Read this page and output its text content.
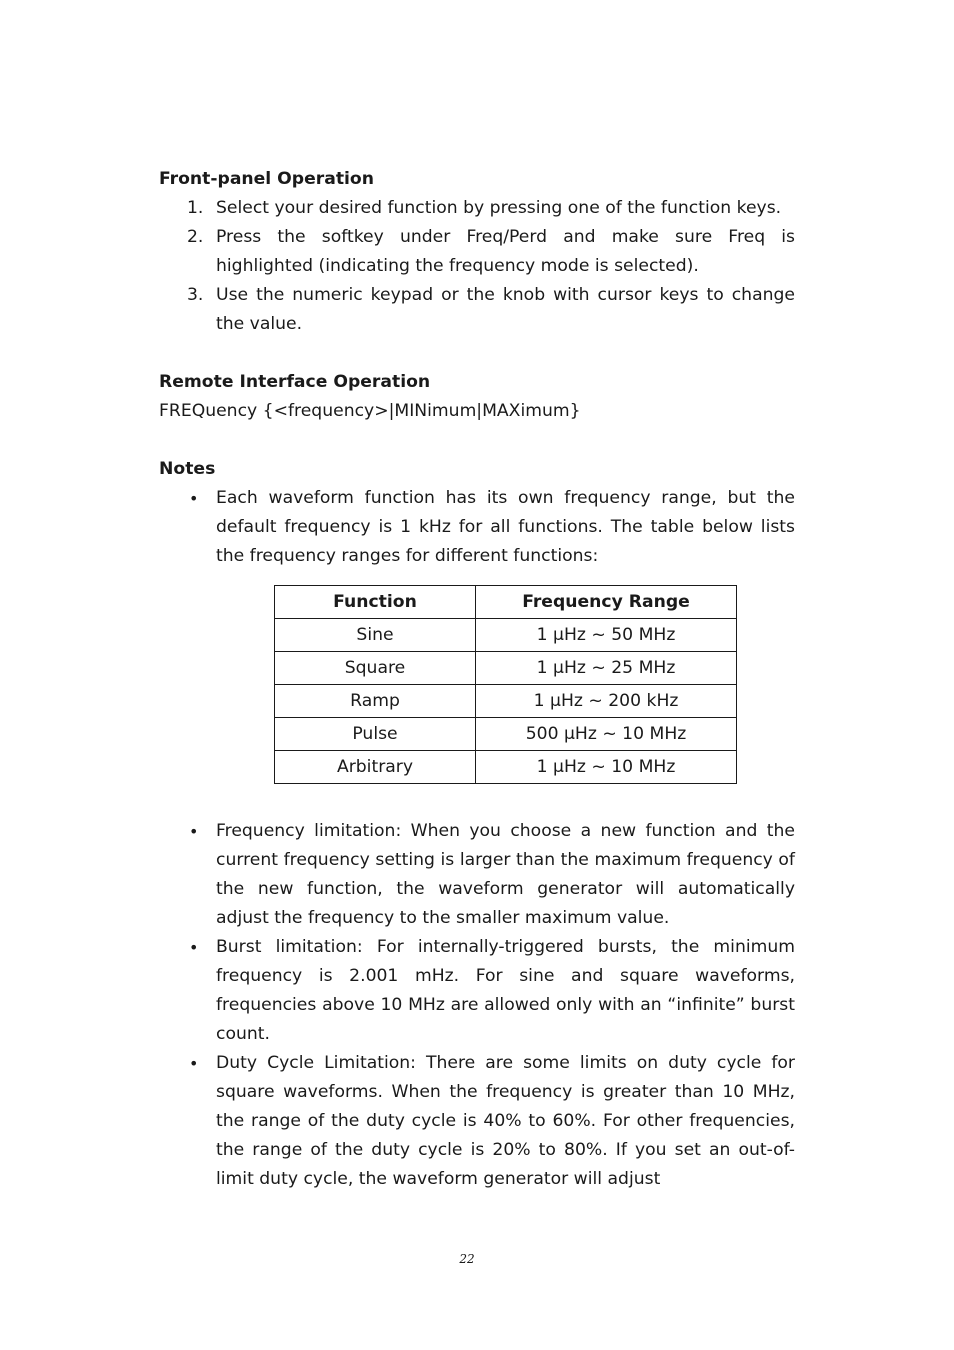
Front-panel Operation

1. Select your desired function by pressing one of the function keys.
2. Press the softkey under Freq/Perd and make sure Freq is highlighted (indicating the frequency mode is selected).
3. Use the numeric keypad or the knob with cursor keys to change the value.

Remote Interface Operation

FREQuency {<frequency>|MINimum|MAXimum}

Notes

• Each waveform function has its own frequency range, but the default frequency is 1 kHz for all functions. The table below lists the frequency ranges for different functions:
Function	Frequency Range
Sine	1 μHz ~ 50 MHz
Square	1 μHz ~ 25 MHz
Ramp	1 μHz ~ 200 kHz
Pulse	500 μHz ~ 10 MHz
Arbitrary	1 μHz ~ 10 MHz
• Frequency limitation: When you choose a new function and the current frequency setting is larger than the maximum frequency of the new function, the waveform generator will automatically adjust the frequency to the smaller maximum value.
• Burst limitation: For internally-triggered bursts, the minimum frequency is 2.001 mHz. For sine and square waveforms, frequencies above 10 MHz are allowed only with an “infinite” burst count.
• Duty Cycle Limitation: There are some limits on duty cycle for square waveforms. When the frequency is greater than 10 MHz, the range of the duty cycle is 40% to 60%. For other frequencies, the range of the duty cycle is 20% to 80%. If you set an out-of-limit duty cycle, the waveform generator will adjust
22
